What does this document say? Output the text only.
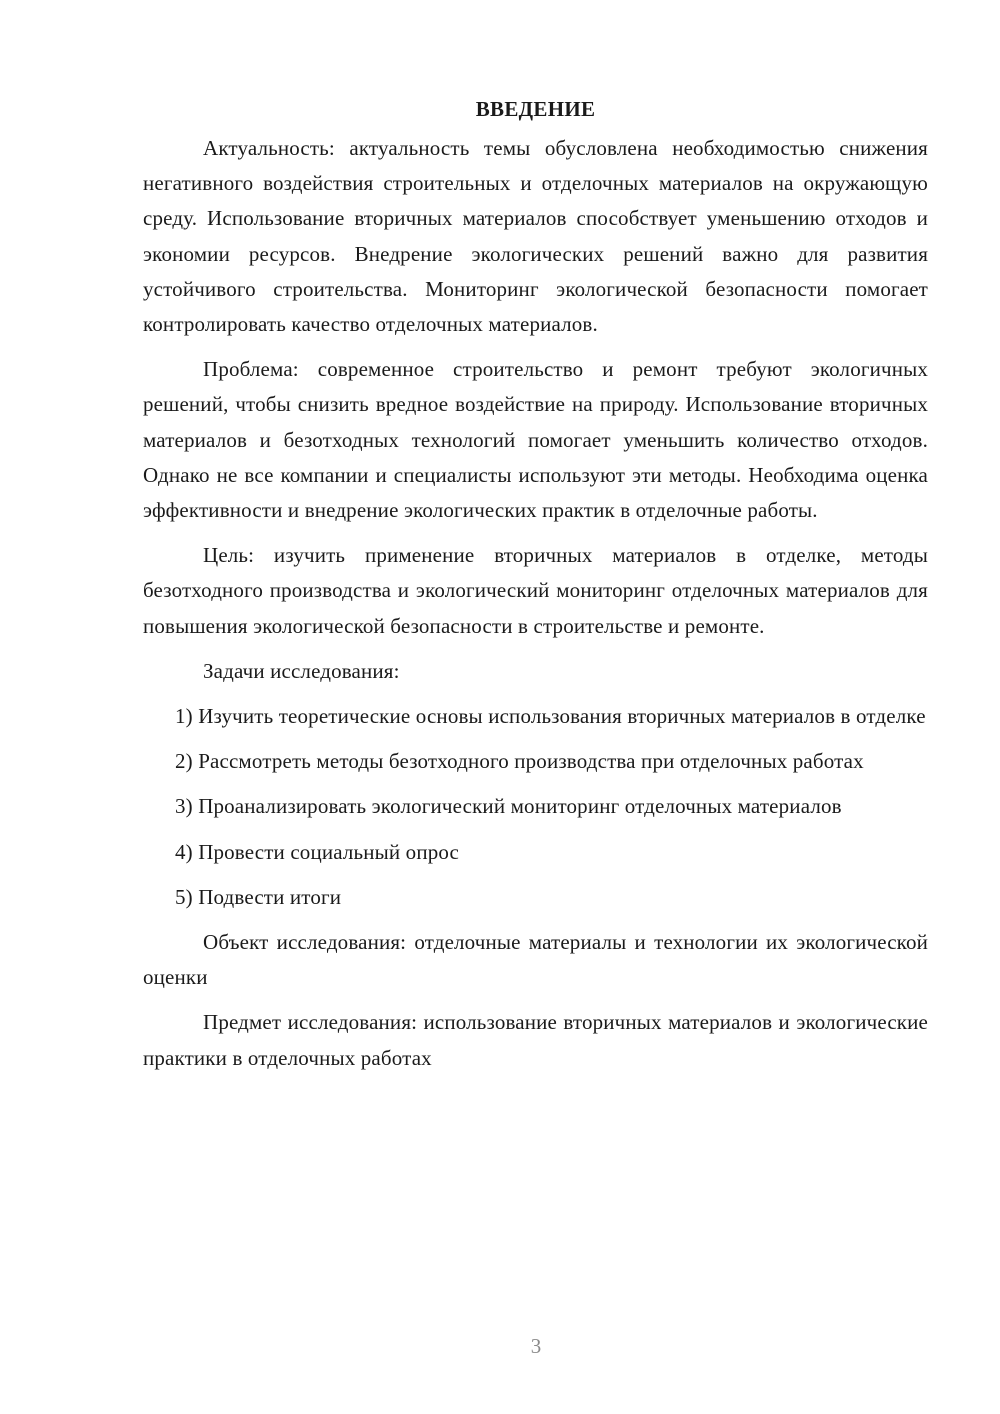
ВВЕДЕНИЕ

Актуальность: актуальность темы обусловлена необходимостью снижения негативного воздействия строительных и отделочных материалов на окружающую среду. Использование вторичных материалов способствует уменьшению отходов и экономии ресурсов. Внедрение экологических решений важно для развития устойчивого строительства. Мониторинг экологической безопасности помогает контролировать качество отделочных материалов.

Проблема: современное строительство и ремонт требуют экологичных решений, чтобы снизить вредное воздействие на природу. Использование вторичных материалов и безотходных технологий помогает уменьшить количество отходов. Однако не все компании и специалисты используют эти методы. Необходима оценка эффективности и внедрение экологических практик в отделочные работы.

Цель: изучить применение вторичных материалов в отделке, методы безотходного производства и экологический мониторинг отделочных материалов для повышения экологической безопасности в строительстве и ремонте.

Задачи исследования:

1) Изучить теоретические основы использования вторичных материалов в отделке

2) Рассмотреть методы безотходного производства при отделочных работах

3) Проанализировать экологический мониторинг отделочных материалов

4) Провести социальный опрос

5) Подвести итоги

Объект исследования: отделочные материалы и технологии их экологической оценки

Предмет исследования: использование вторичных материалов и экологические практики в отделочных работах

3
